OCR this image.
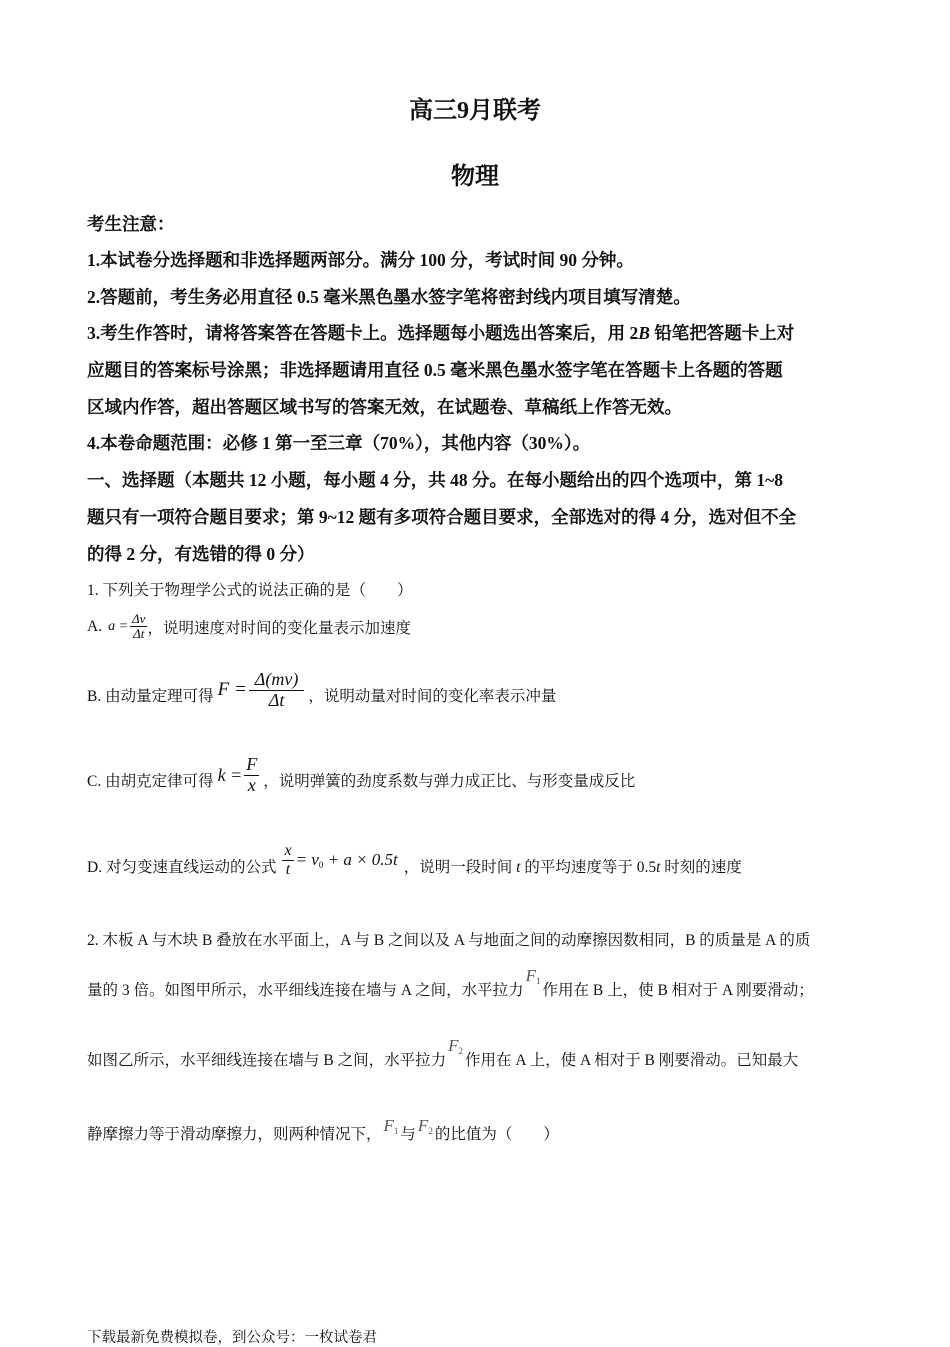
高三9月联考
物理
考生注意：
1.本试卷分选择题和非选择题两部分。满分 100 分，考试时间 90 分钟。
2.答题前，考生务必用直径 0.5 毫米黑色墨水签字笔将密封线内项目填写清楚。
3.考生作答时，请将答案答在答题卡上。选择题每小题选出答案后，用 2B 铅笔把答题卡上对
应题目的答案标号涂黑；非选择题请用直径 0.5 毫米黑色墨水签字笔在答题卡上各题的答题
区域内作答，超出答题区域书写的答案无效，在试题卷、草稿纸上作答无效。
4.本卷命题范围：必修 1 第一至三章（70%），其他内容（30%）。
一、选择题（本题共 12 小题，每小题 4 分，共 48 分。在每小题给出的四个选项中，第 1~8
题只有一项符合题目要求；第 9~12 题有多项符合题目要求，全部选对的得 4 分，选对但不全
的得 2 分，有选错的得 0 分）
1. 下列关于物理学公式的说法正确的是（　　）
A. $a = \frac{\Delta v}{\Delta t}$ ，说明速度对时间的变化量表示加速度
B. 由动量定理可得 $F = \frac{\Delta(mv)}{\Delta t}$ ，说明动量对时间的变化率表示冲量
C. 由胡克定律可得 $k = \frac{F}{x}$ ，说明弹簧的劲度系数与弹力成正比、与形变量成反比
D. 对匀变速直线运动的公式 $\frac{x}{t} = v_0 + a \times 0.5t$ ，说明一段时间 t 的平均速度等于 0.5t 时刻的速度
2. 木板 A 与木块 B 叠放在水平面上，A 与 B 之间以及 A 与地面之间的动摩擦因数相同，B 的质量是 A 的质
量的 3 倍。如图甲所示，水平细线连接在墙与 A 之间，水平拉力
$F_1$
作用在 B 上，使 B 相对于 A 刚要滑动；
如图乙所示，水平细线连接在墙与 B 之间，水平拉力
$F_2$
作用在 A 上，使 A 相对于 B 刚要滑动。已知最大
静摩擦力等于滑动摩擦力，则两种情况下， $F_1$ 与 $F_2$ 的比值为（　　）
下载最新免费模拟卷，到公众号：一枚试卷君
